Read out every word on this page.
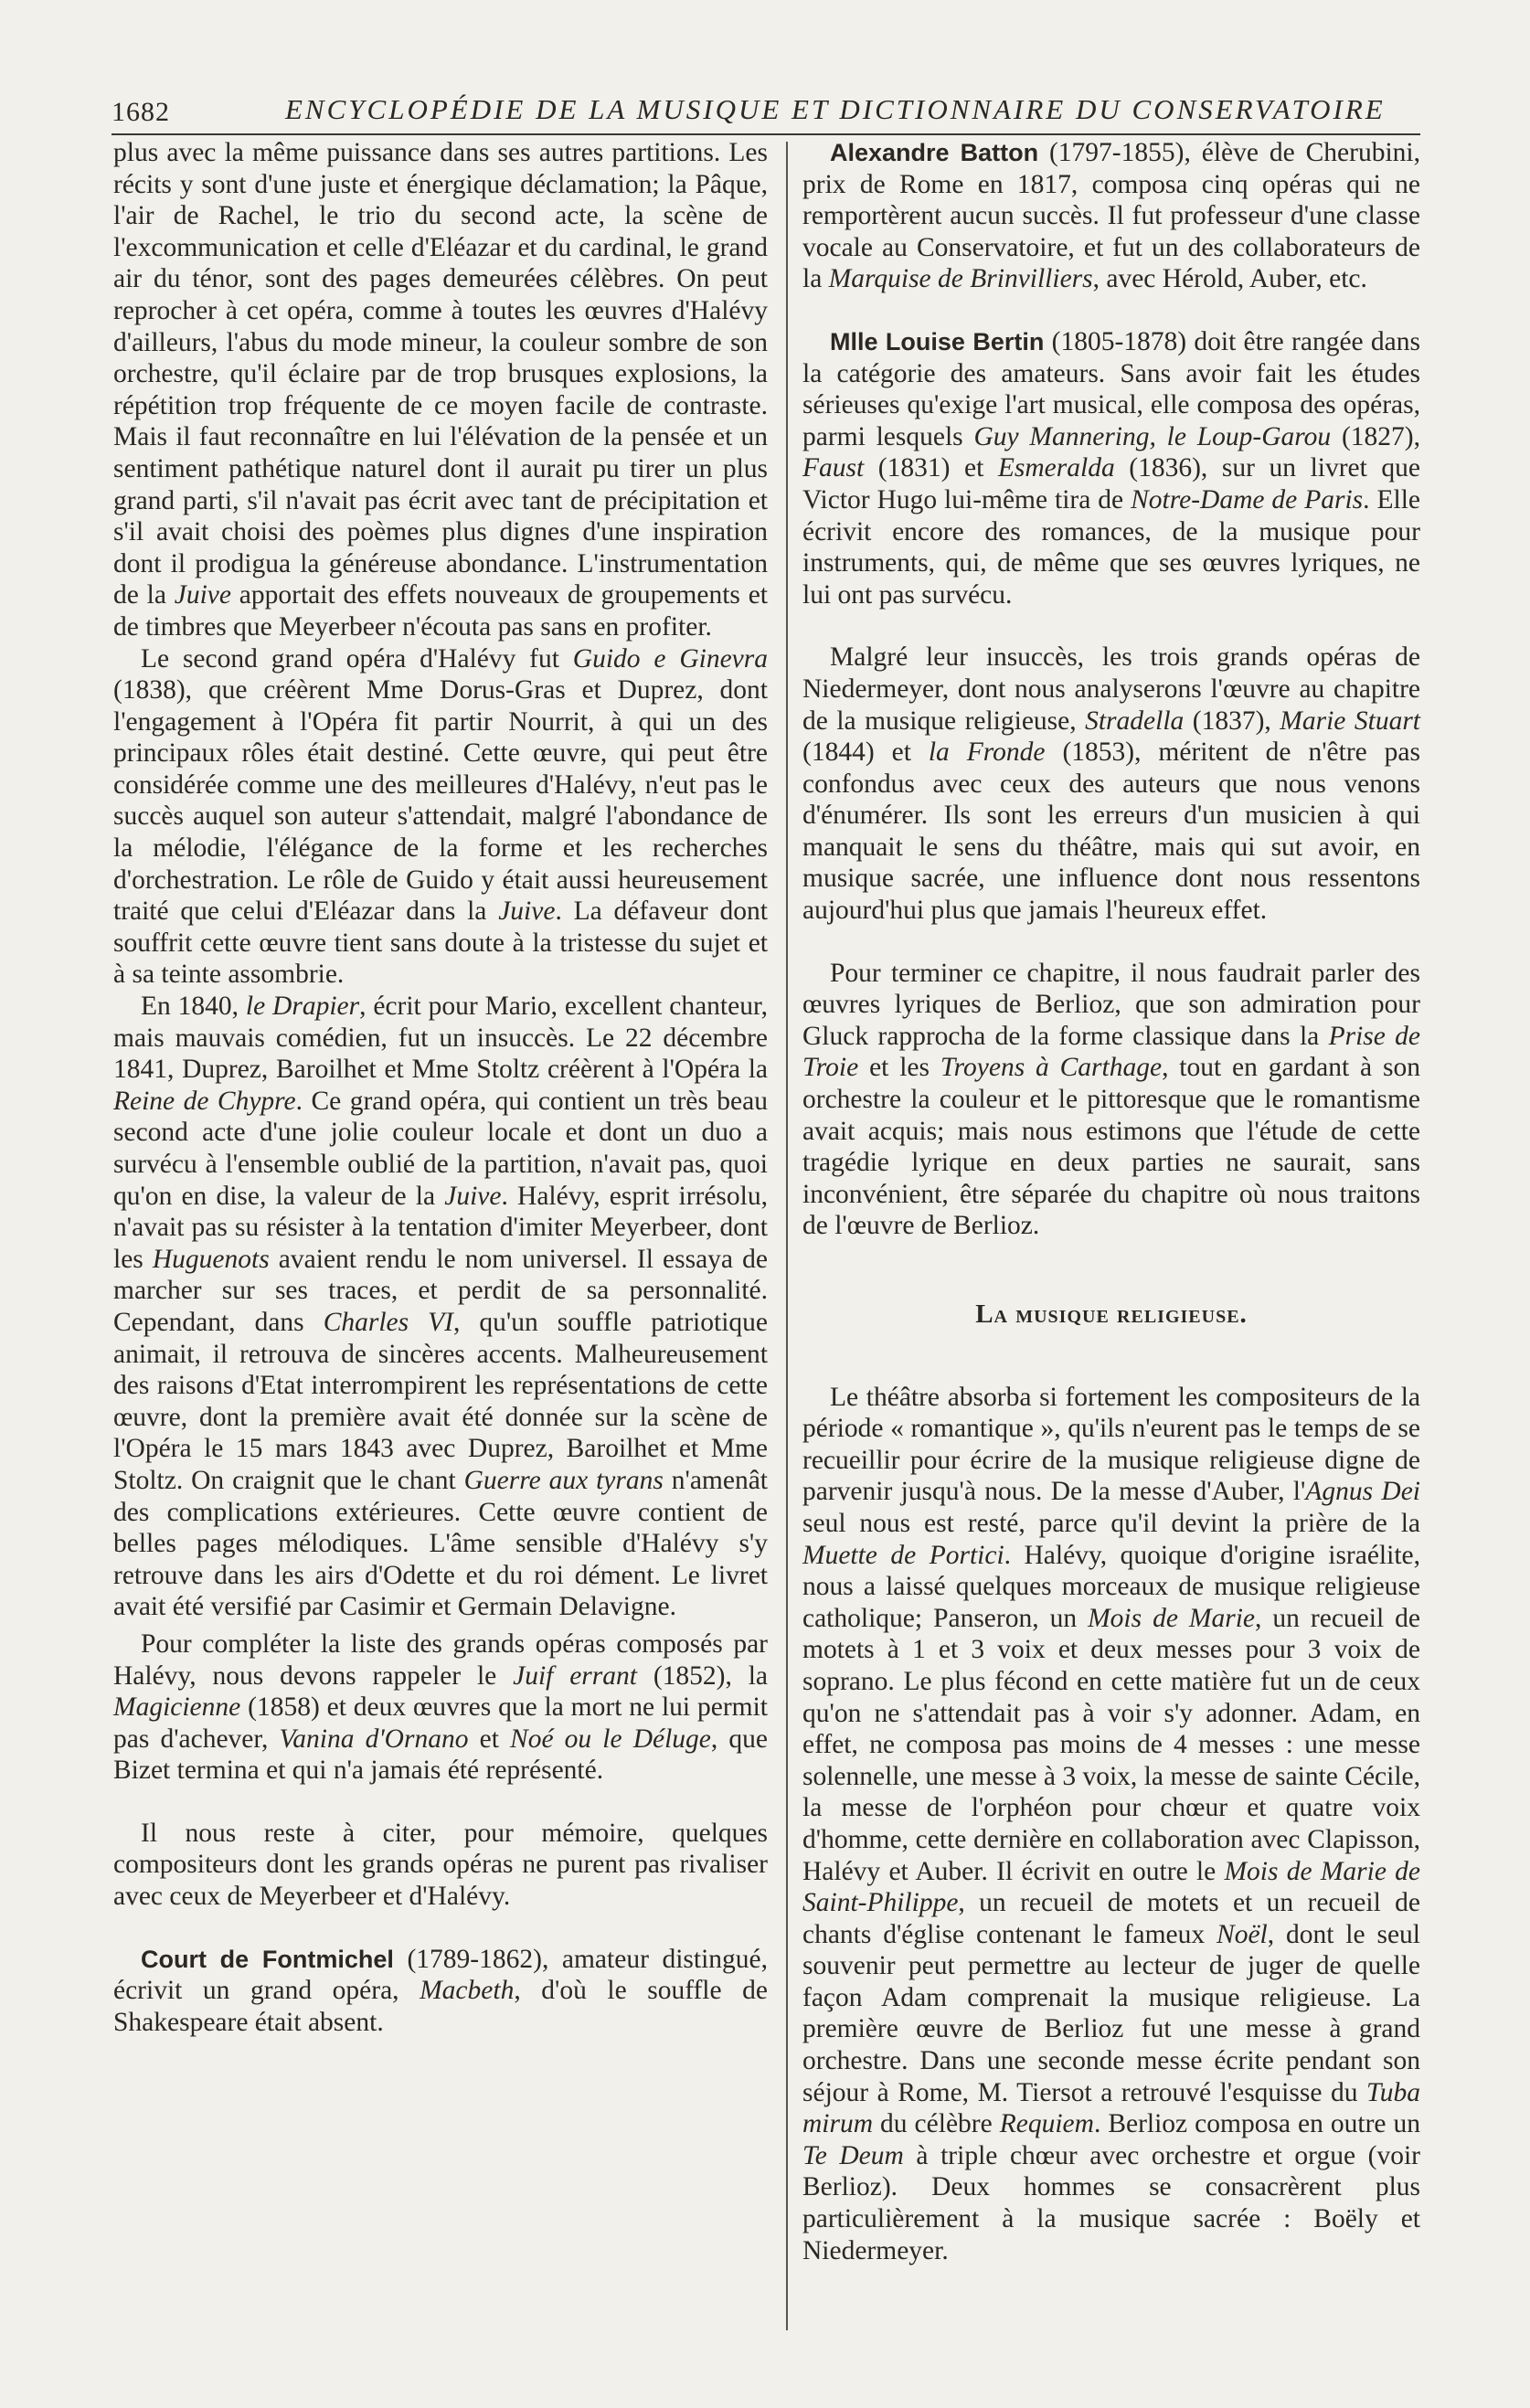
1682	ENCYCLOPÉDIE DE LA MUSIQUE ET DICTIONNAIRE DU CONSERVATOIRE

plus avec la même puissance dans ses autres partitions. Les récits y sont d'une juste et énergique déclamation; la Pâque, l'air de Rachel, le trio du second acte, la scène de l'excommunication et celle d'Eléazar et du cardinal, le grand air du ténor, sont des pages demeurées célèbres. On peut reprocher à cet opéra, comme à toutes les œuvres d'Halévy d'ailleurs, l'abus du mode mineur, la couleur sombre de son orchestre, qu'il éclaire par de trop brusques explosions, la répétition trop fréquente de ce moyen facile de contraste. Mais il faut reconnaître en lui l'élévation de la pensée et un sentiment pathétique naturel dont il aurait pu tirer un plus grand parti, s'il n'avait pas écrit avec tant de précipitation et s'il avait choisi des poèmes plus dignes d'une inspiration dont il prodigua la généreuse abondance. L'instrumentation de la Juive apportait des effets nouveaux de groupements et de timbres que Meyerbeer n'écouta pas sans en profiter.

Le second grand opéra d'Halévy fut Guido e Ginevra (1838), que créèrent Mme Dorus-Gras et Duprez, dont l'engagement à l'Opéra fit partir Nourrit, à qui un des principaux rôles était destiné. Cette œuvre, qui peut être considérée comme une des meilleures d'Halévy, n'eut pas le succès auquel son auteur s'attendait, malgré l'abondance de la mélodie, l'élégance de la forme et les recherches d'orchestration. Le rôle de Guido y était aussi heureusement traité que celui d'Eléazar dans la Juive. La défaveur dont souffrit cette œuvre tient sans doute à la tristesse du sujet et à sa teinte assombrie.

En 1840, le Drapier, écrit pour Mario, excellent chanteur, mais mauvais comédien, fut un insuccès. Le 22 décembre 1841, Duprez, Baroilhet et Mme Stoltz créèrent à l'Opéra la Reine de Chypre. Ce grand opéra, qui contient un très beau second acte d'une jolie couleur locale et dont un duo a survécu à l'ensemble oublié de la partition, n'avait pas, quoi qu'on en dise, la valeur de la Juive. Halévy, esprit irrésolu, n'avait pas su résister à la tentation d'imiter Meyerbeer, dont les Huguenots avaient rendu le nom universel. Il essaya de marcher sur ses traces, et perdit de sa personnalité. Cependant, dans Charles VI, qu'un souffle patriotique animait, il retrouva de sincères accents. Malheureusement des raisons d'Etat interrompirent les représentations de cette œuvre, dont la première avait été donnée sur la scène de l'Opéra le 15 mars 1843 avec Duprez, Baroilhet et Mme Stoltz. On craignit que le chant Guerre aux tyrans n'amenât des complications extérieures. Cette œuvre contient de belles pages mélodiques. L'âme sensible d'Halévy s'y retrouve dans les airs d'Odette et du roi dément. Le livret avait été versifié par Casimir et Germain Delavigne.

Pour compléter la liste des grands opéras composés par Halévy, nous devons rappeler le Juif errant (1852), la Magicienne (1858) et deux œuvres que la mort ne lui permit pas d'achever, Vanina d'Ornano et Noé ou le Déluge, que Bizet termina et qui n'a jamais été représenté.

Il nous reste à citer, pour mémoire, quelques compositeurs dont les grands opéras ne purent pas rivaliser avec ceux de Meyerbeer et d'Halévy.

Court de Fontmichel (1789-1862), amateur distingué, écrivit un grand opéra, Macbeth, d'où le souffle de Shakespeare était absent.

Alexandre Batton (1797-1855), élève de Cherubini, prix de Rome en 1817, composa cinq opéras qui ne remportèrent aucun succès. Il fut professeur d'une classe vocale au Conservatoire, et fut un des collaborateurs de la Marquise de Brinvilliers, avec Hérold, Auber, etc.

Mlle Louise Bertin (1805-1878) doit être rangée dans la catégorie des amateurs. Sans avoir fait les études sérieuses qu'exige l'art musical, elle composa des opéras, parmi lesquels Guy Mannering, le Loup-Garou (1827), Faust (1831) et Esmeralda (1836), sur un livret que Victor Hugo lui-même tira de Notre-Dame de Paris. Elle écrivit encore des romances, de la musique pour instruments, qui, de même que ses œuvres lyriques, ne lui ont pas survécu.

Malgré leur insuccès, les trois grands opéras de Niedermeyer, dont nous analyserons l'œuvre au chapitre de la musique religieuse, Stradella (1837), Marie Stuart (1844) et la Fronde (1853), méritent de n'être pas confondus avec ceux des auteurs que nous venons d'énumérer. Ils sont les erreurs d'un musicien à qui manquait le sens du théâtre, mais qui sut avoir, en musique sacrée, une influence dont nous ressentons aujourd'hui plus que jamais l'heureux effet.

Pour terminer ce chapitre, il nous faudrait parler des œuvres lyriques de Berlioz, que son admiration pour Gluck rapprocha de la forme classique dans la Prise de Troie et les Troyens à Carthage, tout en gardant à son orchestre la couleur et le pittoresque que le romantisme avait acquis; mais nous estimons que l'étude de cette tragédie lyrique en deux parties ne saurait, sans inconvénient, être séparée du chapitre où nous traitons de l'œuvre de Berlioz.

La musique religieuse.

Le théâtre absorba si fortement les compositeurs de la période « romantique », qu'ils n'eurent pas le temps de se recueillir pour écrire de la musique religieuse digne de parvenir jusqu'à nous. De la messe d'Auber, l'Agnus Dei seul nous est resté, parce qu'il devint la prière de la Muette de Portici. Halévy, quoique d'origine israélite, nous a laissé quelques morceaux de musique religieuse catholique; Panseron, un Mois de Marie, un recueil de motets à 1 et 3 voix et deux messes pour 3 voix de soprano. Le plus fécond en cette matière fut un de ceux qu'on ne s'attendait pas à voir s'y adonner. Adam, en effet, ne composa pas moins de 4 messes : une messe solennelle, une messe à 3 voix, la messe de sainte Cécile, la messe de l'orphéon pour chœur et quatre voix d'homme, cette dernière en collaboration avec Clapisson, Halévy et Auber. Il écrivit en outre le Mois de Marie de Saint-Philippe, un recueil de motets et un recueil de chants d'église contenant le fameux Noël, dont le seul souvenir peut permettre au lecteur de juger de quelle façon Adam comprenait la musique religieuse. La première œuvre de Berlioz fut une messe à grand orchestre. Dans une seconde messe écrite pendant son séjour à Rome, M. Tiersot a retrouvé l'esquisse du Tuba mirum du célèbre Requiem. Berlioz composa en outre un Te Deum à triple chœur avec orchestre et orgue (voir Berlioz). Deux hommes se consacrèrent plus particulièrement à la musique sacrée : Boëly et Niedermeyer.
